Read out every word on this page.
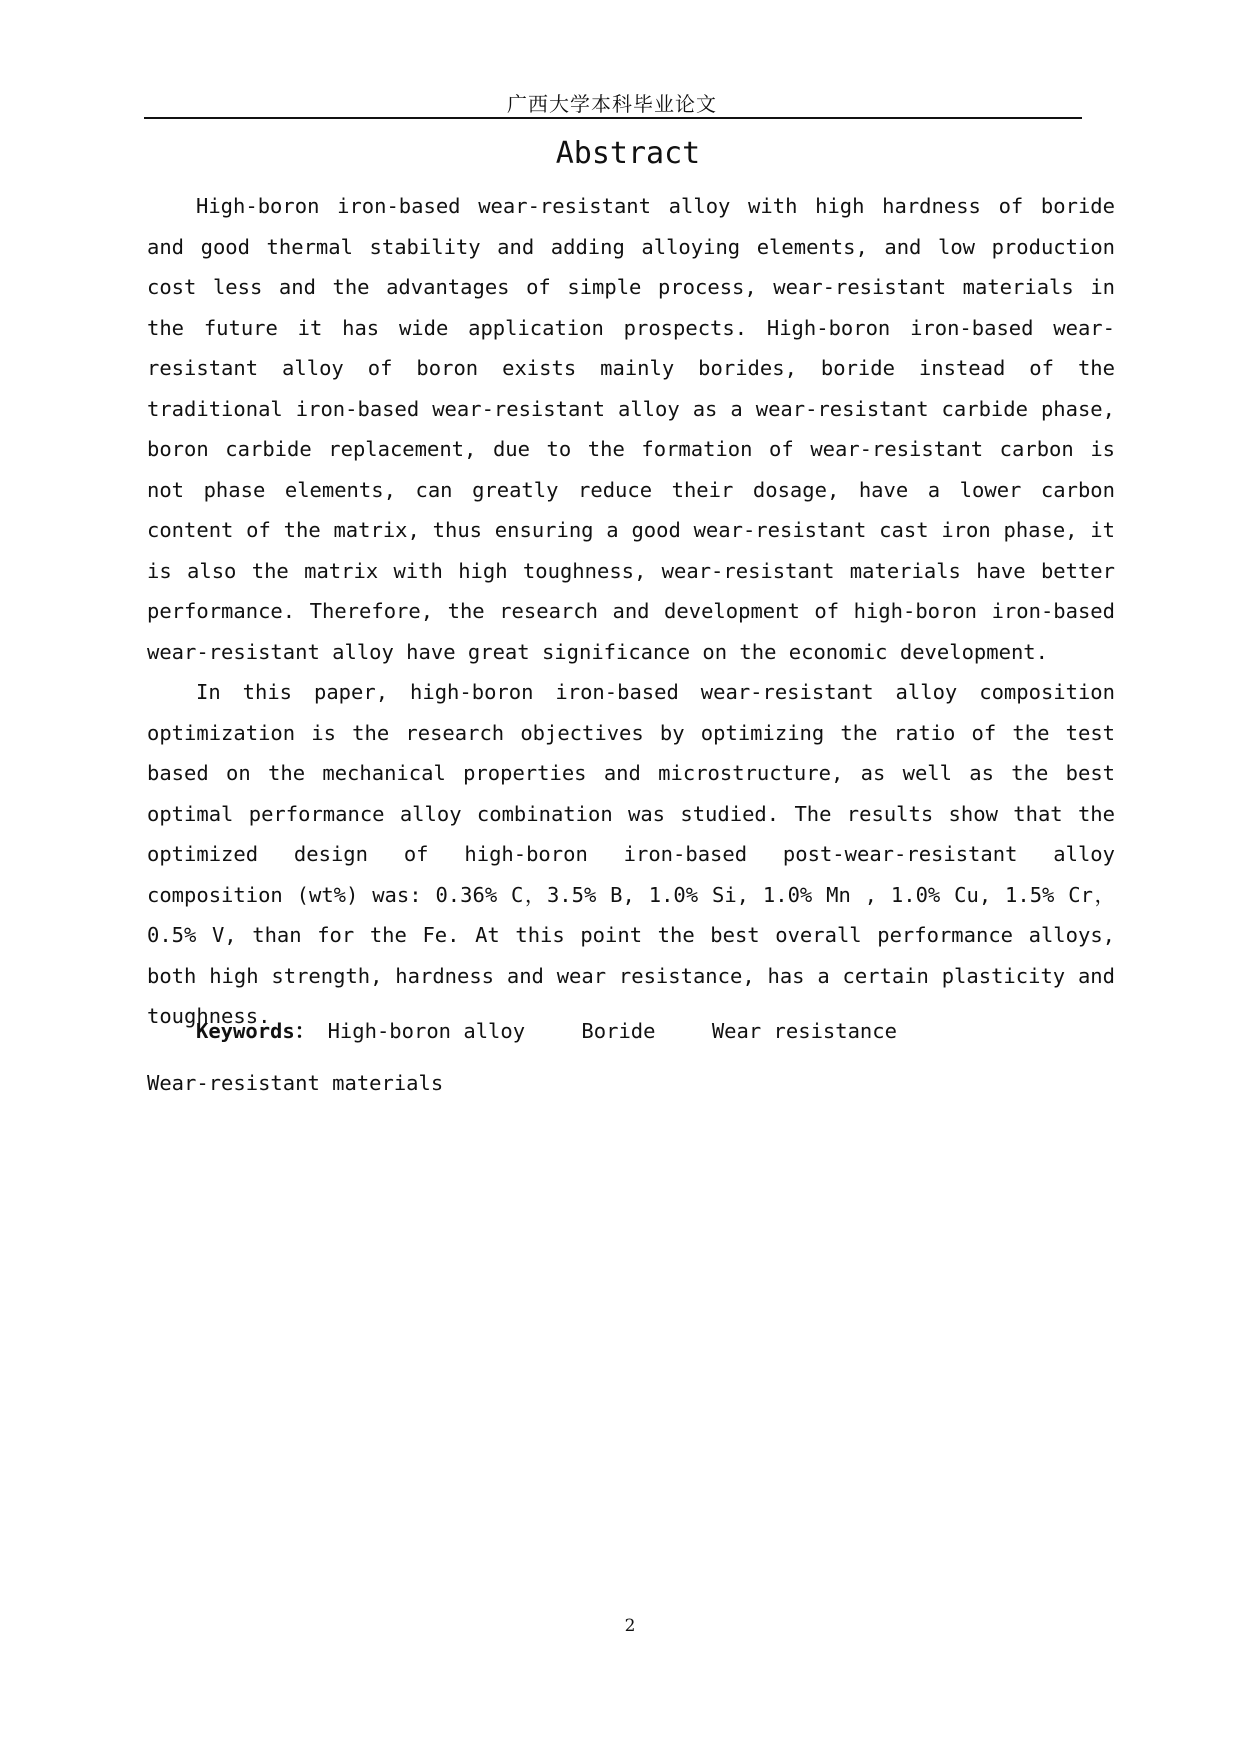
广西大学本科毕业论文
Abstract

High-boron iron-based wear-resistant alloy with high hardness of boride and good thermal stability and adding alloying elements, and low production cost less and the advantages of simple process, wear-resistant materials in the future it has wide application prospects. High-boron iron-based wear-resistant alloy of boron exists mainly borides, boride instead of the traditional iron-based wear-resistant alloy as a wear-resistant carbide phase, boron carbide replacement, due to the formation of wear-resistant carbon is not phase elements, can greatly reduce their dosage, have a lower carbon content of the matrix, thus ensuring a good wear-resistant cast iron phase, it is also the matrix with high toughness, wear-resistant materials have better performance. Therefore, the research and development of high-boron iron-based wear-resistant alloy have great significance on the economic development.

In this paper, high-boron iron-based wear-resistant alloy composition optimization is the research objectives by optimizing the ratio of the test based on the mechanical properties and microstructure, as well as the best optimal performance alloy combination was studied. The results show that the optimized design of high-boron iron-based post-wear-resistant alloy composition (wt%) was: 0.36% C，3.5% B, 1.0% Si, 1.0% Mn , 1.0% Cu, 1.5% Cr，0.5% V, than for the Fe. At this point the best overall performance alloys, both high strength, hardness and wear resistance, has a certain plasticity and toughness.

Keywords： High-boron alloy	Boride	Wear resistance
Wear-resistant materials
2
